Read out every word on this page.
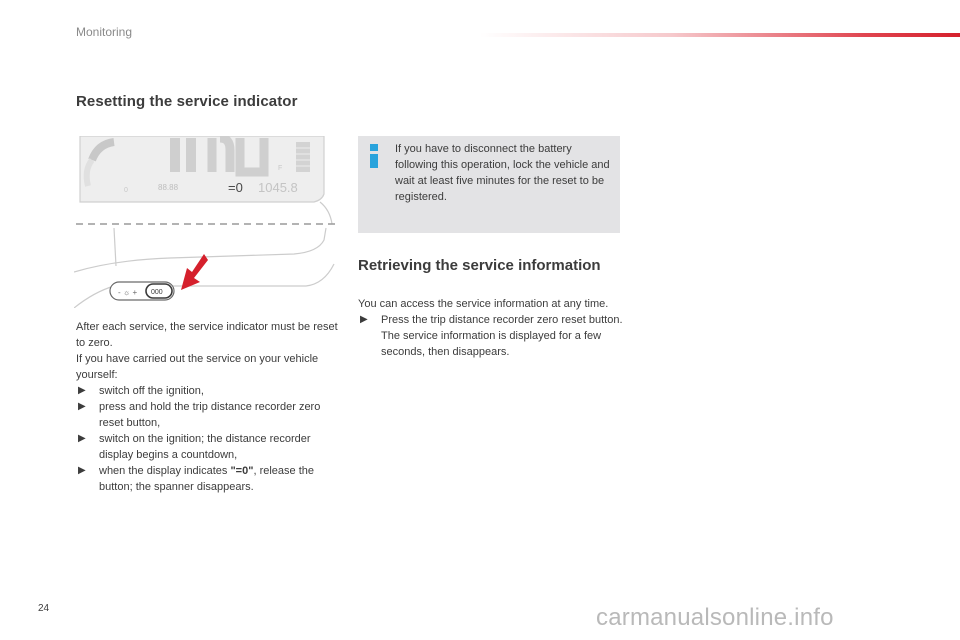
Monitoring
Resetting the service indicator
88.88	=0 1045.8
0
F
- ☼ + 000

After each service, the service indicator must be reset to zero.

If you have carried out the service on your vehicle yourself:

▶ switch off the ignition,
▶ press and hold the trip distance recorder zero reset button,
▶ switch on the ignition; the distance recorder display begins a countdown,
▶ when the display indicates "=0", release the button; the spanner disappears.
If you have to disconnect the battery following this operation, lock the vehicle and wait at least five minutes for the reset to be registered.
Retrieving the service information

You can access the service information at any time.

▶ Press the trip distance recorder zero reset button.
The service information is displayed for a few seconds, then disappears.
24	carmanualsonline.info
